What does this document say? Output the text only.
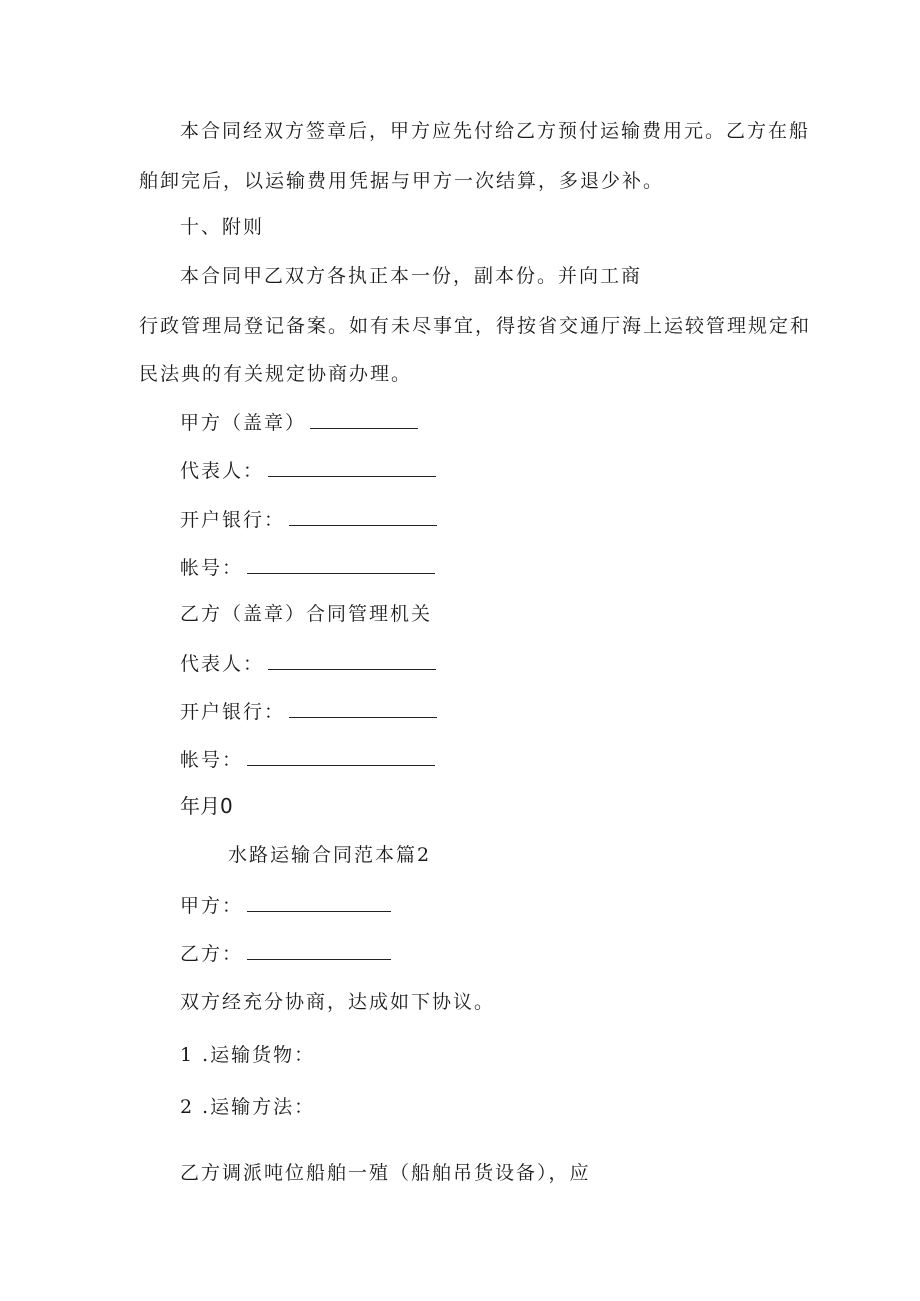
本合同经双方签章后，甲方应先付给乙方预付运输费用元。乙方在船
舶卸完后，以运输费用凭据与甲方一次结算，多退少补。
十、附则
本合同甲乙双方各执正本一份，副本份。并向工商
行政管理局登记备案。如有未尽事宜，得按省交通厅海上运较管理规定和
民法典的有关规定协商办理。
甲方（盖章）
代表人：
开户银行：
帐号：
乙方（盖章）合同管理机关
代表人：
开户银行：
帐号：
年月0
水路运输合同范本篇2
甲方：
乙方：
双方经充分协商，达成如下协议。
1 .运输货物：
2 .运输方法：
乙方调派吨位船舶一殖（船舶吊货设备），应
